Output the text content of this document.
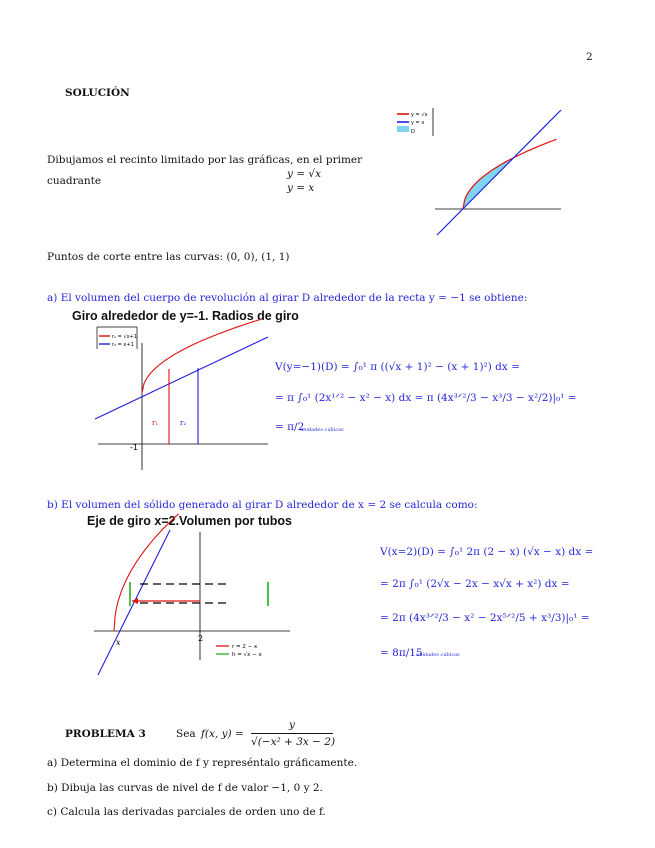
2
SOLUCIÓN
Dibujamos el recinto limitado por las gráficas, en el primer
cuadrante
y = √x
y = x
y = √x
y = x
D
Puntos de corte entre las curvas: (0, 0), (1, 1)
a) El volumen del cuerpo de revolución al girar D alrededor de la recta y = −1 se obtiene:
Giro alrededor de y=-1. Radios de giro
r₁ = √x+1
r₂ = x+1
-1
r₁	r₂
V(y=−1)(D) = ∫₀¹ π ((√x + 1)² − (x + 1)²) dx =
= π ∫₀¹ (2x¹ᐟ² − x² − x) dx = π (4x³ᐟ²/3 − x³/3 − x²/2)|₀¹ =
= π/2
unidades cúbicas
b) El volumen del sólido generado al girar D alrededor de x = 2 se calcula como:
Eje de giro x=2.Volumen por tubos
x	2
r = 2 − x
h = √x − x
V(x=2)(D) = ∫₀¹ 2π (2 − x) (√x − x) dx =
= 2π ∫₀¹ (2√x − 2x − x√x + x²) dx =
= 2π (4x³ᐟ²/3 − x² − 2x⁵ᐟ²/5 + x³/3)|₀¹ =
= 8π/15
unidades cúbicas
PROBLEMA 3	Sea f(x, $y) = \frac{y}{\text{√(−x² + 3x − 2)}}$
a) Determina el dominio de f y represéntalo gráficamente.
b) Dibuja las curvas de nivel de f de valor −1, 0 y 2.
c) Calcula las derivadas parciales de orden uno de f.
